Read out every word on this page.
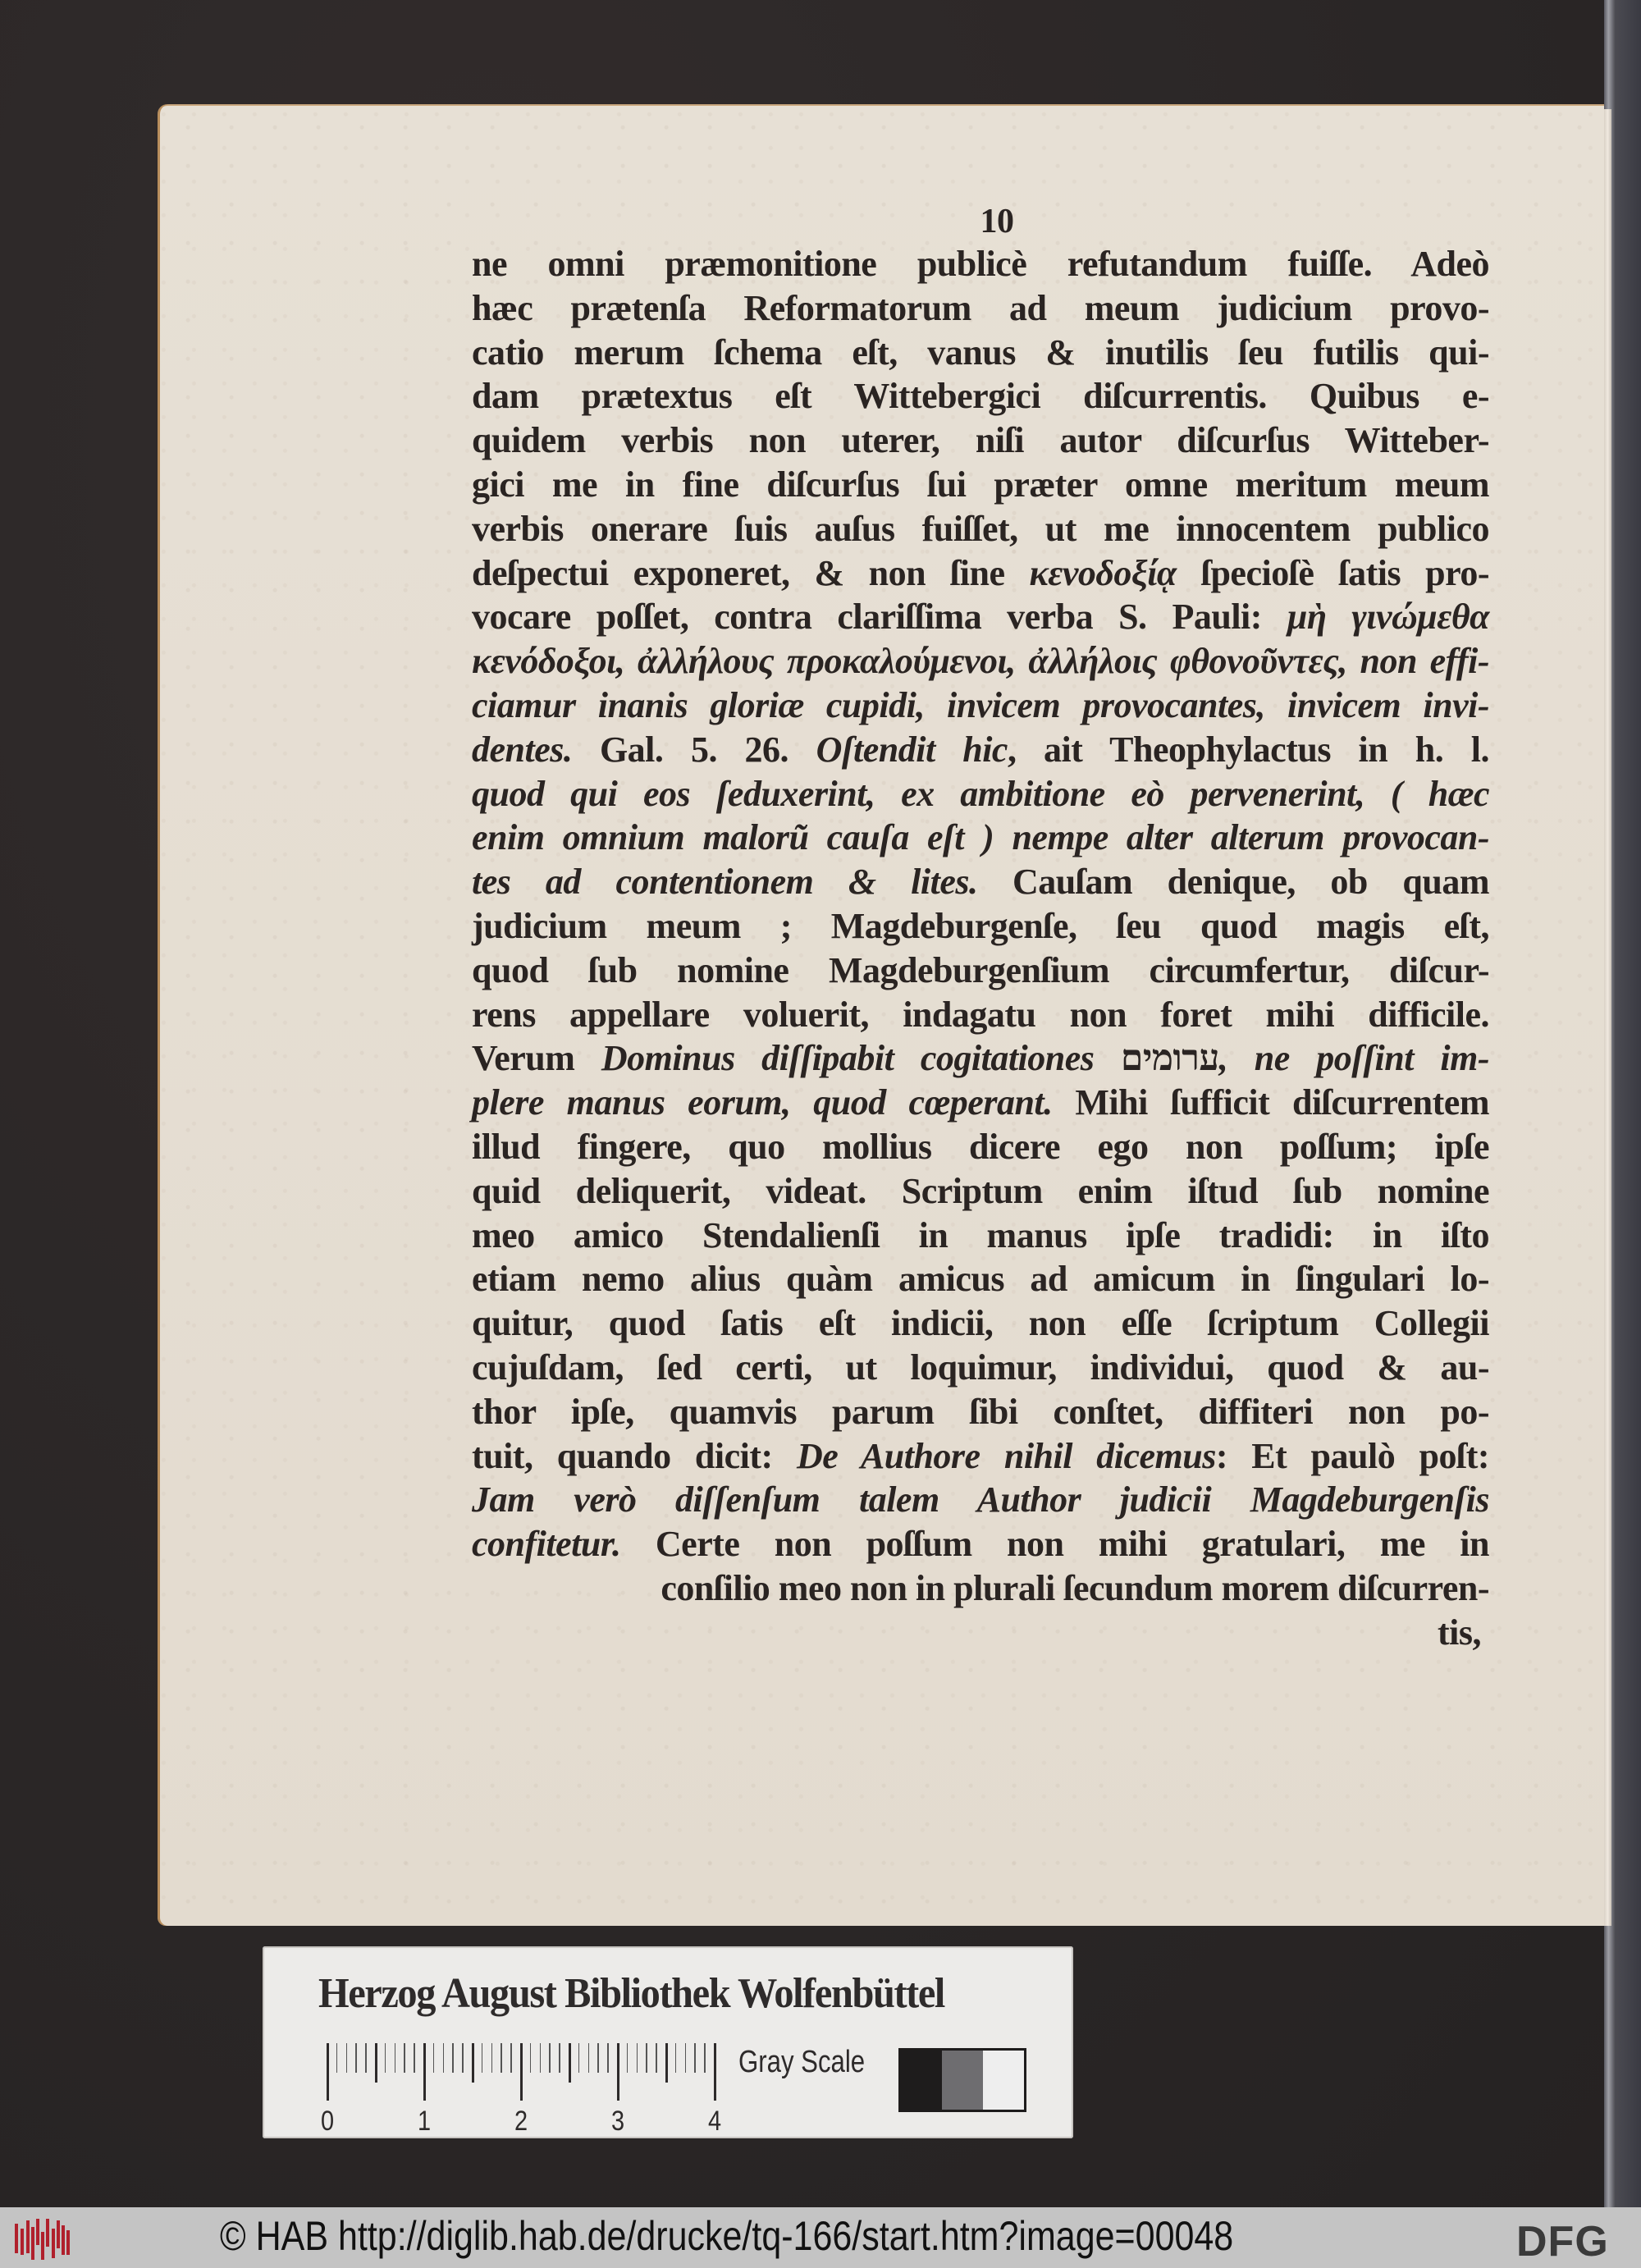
10
ne omni præmonitione publicè refutandum fuiſſe. Adeò
hæc prætenſa Reformatorum ad meum judicium provo-
catio merum ſchema eſt, vanus & inutilis ſeu futilis qui-
dam prætextus eſt Wittebergici diſcurrentis. Quibus e-
quidem verbis non uterer, niſi autor diſcurſus Witteber-
gici me in fine diſcurſus ſui præter omne meritum meum
verbis onerare ſuis auſus fuiſſet, ut me innocentem publico
deſpectui exponeret, & non ſine κενοδοξίᾳ ſpecioſè ſatis pro-
vocare poſſet, contra clariſſima verba S. Pauli: μὴ γινώμεθα
κενόδοξοι, ἀλλήλους προκαλούμενοι, ἀλλήλοις φθονοῦντες, non effi-
ciamur inanis gloriæ cupidi, invicem provocantes, invicem invi-
dentes. Gal. 5. 26. Oſtendit hic, ait Theophylactus in h. l.
quod qui eos ſeduxerint, ex ambitione eò pervenerint, ( hæc
enim omnium malorũ cauſa eſt ) nempe alter alterum provocan-
tes ad contentionem & lites. Cauſam denique, ob quam
judicium meum ; Magdeburgenſe, ſeu quod magis eſt,
quod ſub nomine Magdeburgenſium circumfertur, diſcur-
rens appellare voluerit, indagatu non foret mihi difficile.
Verum Dominus diſſipabit cogitationes ערומים, ne poſſint im-
plere manus eorum, quod cœperant. Mihi ſufficit diſcurrentem
illud fingere, quo mollius dicere ego non poſſum; ipſe
quid deliquerit, videat. Scriptum enim iſtud ſub nomine
meo amico Stendalienſi in manus ipſe tradidi: in iſto
etiam nemo alius quàm amicus ad amicum in ſingulari lo-
quitur, quod ſatis eſt indicii, non eſſe ſcriptum Collegii
cujuſdam, ſed certi, ut loquimur, individui, quod & au-
thor ipſe, quamvis parum ſibi conſtet, diffiteri non po-
tuit, quando dicit: De Authore nihil dicemus: Et paulò poſt:
Jam verò diſſenſum talem Author judicii Magdeburgenſis
confitetur. Certe non poſſum non mihi gratulari, me in
conſilio meo non in plurali ſecundum morem diſcurren-
tis,
Herzog August Bibliothek Wolfenbüttel
0	1	2	3	4
Gray Scale
© HAB http://diglib.hab.de/drucke/tq-166/start.htm?image=00048	DFG
